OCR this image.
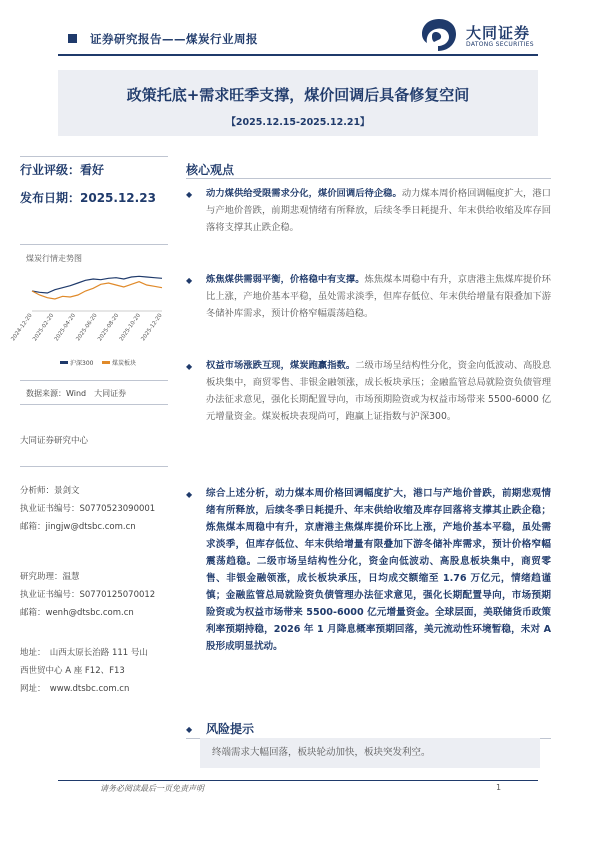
证券研究报告——煤炭行业周报	大同证券
DATONG SECURITIES
政策托底+需求旺季支撑，煤价回调后具备修复空间
【2025.12.15-2025.12.21】
行业评级：看好
发布日期：2025.12.23
煤炭行情走势图
2024-12-20
2025-02-20
2025-04-20
2025-06-20
2025-08-20
2025-10-20
2025-12-20
沪深300	煤炭板块
数据来源：Wind　大同证券
大同证券研究中心
分析师：景剑文
执业证书编号：S0770523090001
邮箱：jingjw@dtsbc.com.cn
研究助理：温慧
执业证书编号：S0770125070012
邮箱：wenh@dtsbc.com.cn
地址：　山西太原长治路 111 号山
西世贸中心 A 座 F12、F13
网址：　www.dtsbc.com.cn
核心观点
◆	动力煤供给受限需求分化，煤价回调后待企稳。动力煤本周价格回调幅度扩大，港口与产地价普跌，前期悲观情绪有所释放，后续冬季日耗提升、年末供给收缩及库存回落将支撑其止跌企稳。
◆	炼焦煤供需弱平衡，价格稳中有支撑。炼焦煤本周稳中有升，京唐港主焦煤库提价环比上涨，产地价基本平稳，虽处需求淡季，但库存低位、年末供给增量有限叠加下游冬储补库需求，预计价格窄幅震荡趋稳。
◆	权益市场涨跌互现，煤炭跑赢指数。二级市场呈结构性分化，资金向低波动、高股息板块集中，商贸零售、非银金融领涨，成长板块承压；金融监管总局就险资负债管理办法征求意见，强化长期配置导向，市场预期险资或为权益市场带来 5500-6000 亿元增量资金。煤炭板块表现尚可，跑赢上证指数与沪深300。
◆	综合上述分析，动力煤本周价格回调幅度扩大，港口与产地价普跌，前期悲观情绪有所释放，后续冬季日耗提升、年末供给收缩及库存回落将支撑其止跌企稳；炼焦煤本周稳中有升，京唐港主焦煤库提价环比上涨，产地价基本平稳，虽处需求淡季，但库存低位、年末供给增量有限叠加下游冬储补库需求，预计价格窄幅震荡趋稳。二级市场呈结构性分化，资金向低波动、高股息板块集中，商贸零售、非银金融领涨，成长板块承压，日均成交额缩至 1.76 万亿元，情绪趋谨慎；金融监管总局就险资负债管理办法征求意见，强化长期配置导向，市场预期险资或为权益市场带来 5500-6000 亿元增量资金。全球层面，美联储货币政策利率预期持稳，2026 年 1 月降息概率预期回落，美元流动性环境暂稳，未对 A 股形成明显扰动。
◆	风险提示
终端需求大幅回落，板块轮动加快，板块突发利空。
请务必阅读最后一页免责声明	1
